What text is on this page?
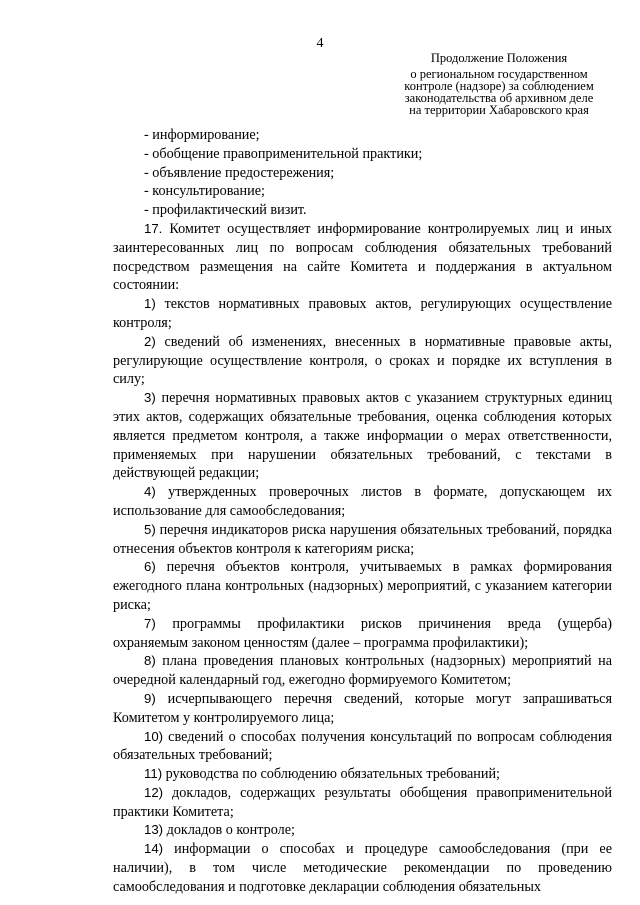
4
Продолжение Положения
о региональном государственном
контроле (надзоре) за соблюдением
законодательства об архивном деле
на территории Хабаровского края

- информирование;

- обобщение правоприменительной практики;

- объявление предостережения;

- консультирование;

- профилактический визит.

17. Комитет осуществляет информирование контролируемых лиц и иных заинтересованных лиц по вопросам соблюдения обязательных требований посредством размещения на сайте Комитета и поддержания в актуальном состоянии:

1) текстов нормативных правовых актов, регулирующих осуществление контроля;

2) сведений об изменениях, внесенных в нормативные правовые акты, регулирующие осуществление контроля, о сроках и порядке их вступления в силу;

3) перечня нормативных правовых актов с указанием структурных единиц этих актов, содержащих обязательные требования, оценка соблюдения которых является предметом контроля, а также информации о мерах ответственности, применяемых при нарушении обязательных требований, с текстами в действующей редакции;

4) утвержденных проверочных листов в формате, допускающем их использование для самообследования;

5) перечня индикаторов риска нарушения обязательных требований, порядка отнесения объектов контроля к категориям риска;

6) перечня объектов контроля, учитываемых в рамках формирования ежегодного плана контрольных (надзорных) мероприятий, с указанием категории риска;

7) программы профилактики рисков причинения вреда (ущерба) охраняемым законом ценностям (далее – программа профилактики);

8) плана проведения плановых контрольных (надзорных) мероприятий на очередной календарный год, ежегодно формируемого Комитетом;

9) исчерпывающего перечня сведений, которые могут запрашиваться Комитетом у контролируемого лица;

10) сведений о способах получения консультаций по вопросам соблюдения обязательных требований;

11) руководства по соблюдению обязательных требований;

12) докладов, содержащих результаты обобщения правоприменительной практики Комитета;

13) докладов о контроле;

14) информации о способах и процедуре самообследования (при ее наличии), в том числе методические рекомендации по проведению самообследования и подготовке декларации соблюдения обязательных
